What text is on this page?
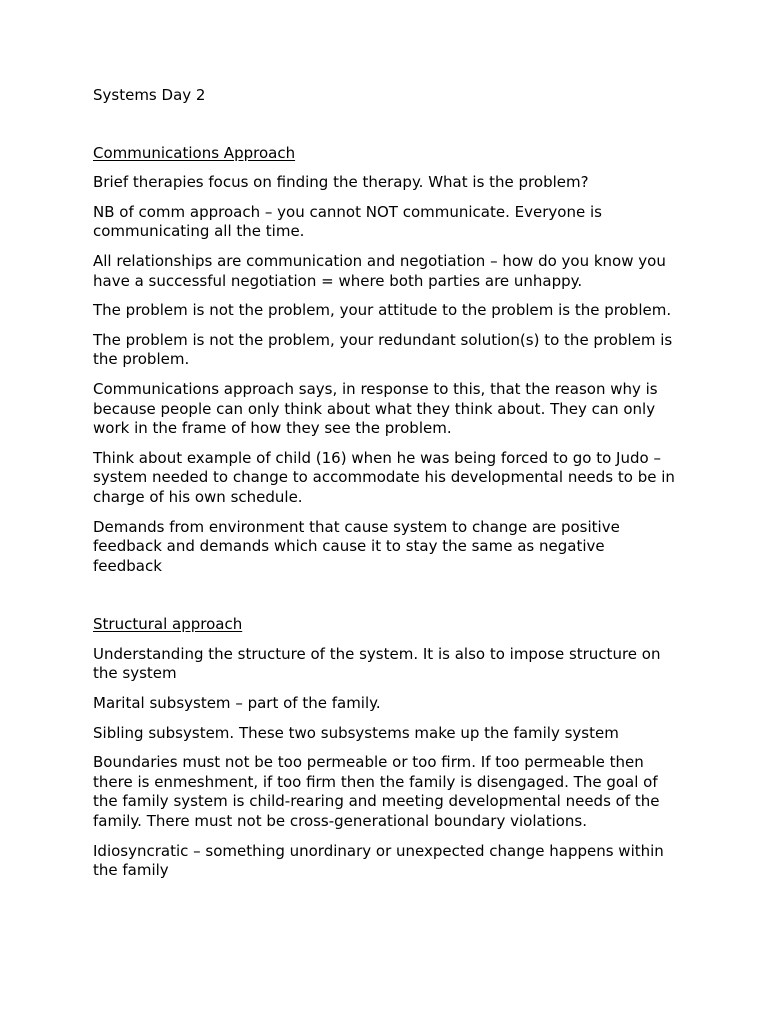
Systems Day 2

Communications Approach

Brief therapies focus on finding the therapy. What is the problem?

NB of comm approach – you cannot NOT communicate. Everyone is communicating all the time.

All relationships are communication and negotiation – how do you know you have a successful negotiation = where both parties are unhappy.

The problem is not the problem, your attitude to the problem is the problem.

The problem is not the problem, your redundant solution(s) to the problem is the problem.

Communications approach says, in response to this, that the reason why is because people can only think about what they think about. They can only work in the frame of how they see the problem.

Think about example of child (16) when he was being forced to go to Judo – system needed to change to accommodate his developmental needs to be in charge of his own schedule.

Demands from environment that cause system to change are positive feedback and demands which cause it to stay the same as negative feedback

Structural approach

Understanding the structure of the system. It is also to impose structure on the system

Marital subsystem – part of the family.

Sibling subsystem. These two subsystems make up the family system

Boundaries must not be too permeable or too firm. If too permeable then there is enmeshment, if too firm then the family is disengaged. The goal of the family system is child-rearing and meeting developmental needs of the family. There must not be cross-generational boundary violations.

Idiosyncratic – something unordinary or unexpected change happens within the family
